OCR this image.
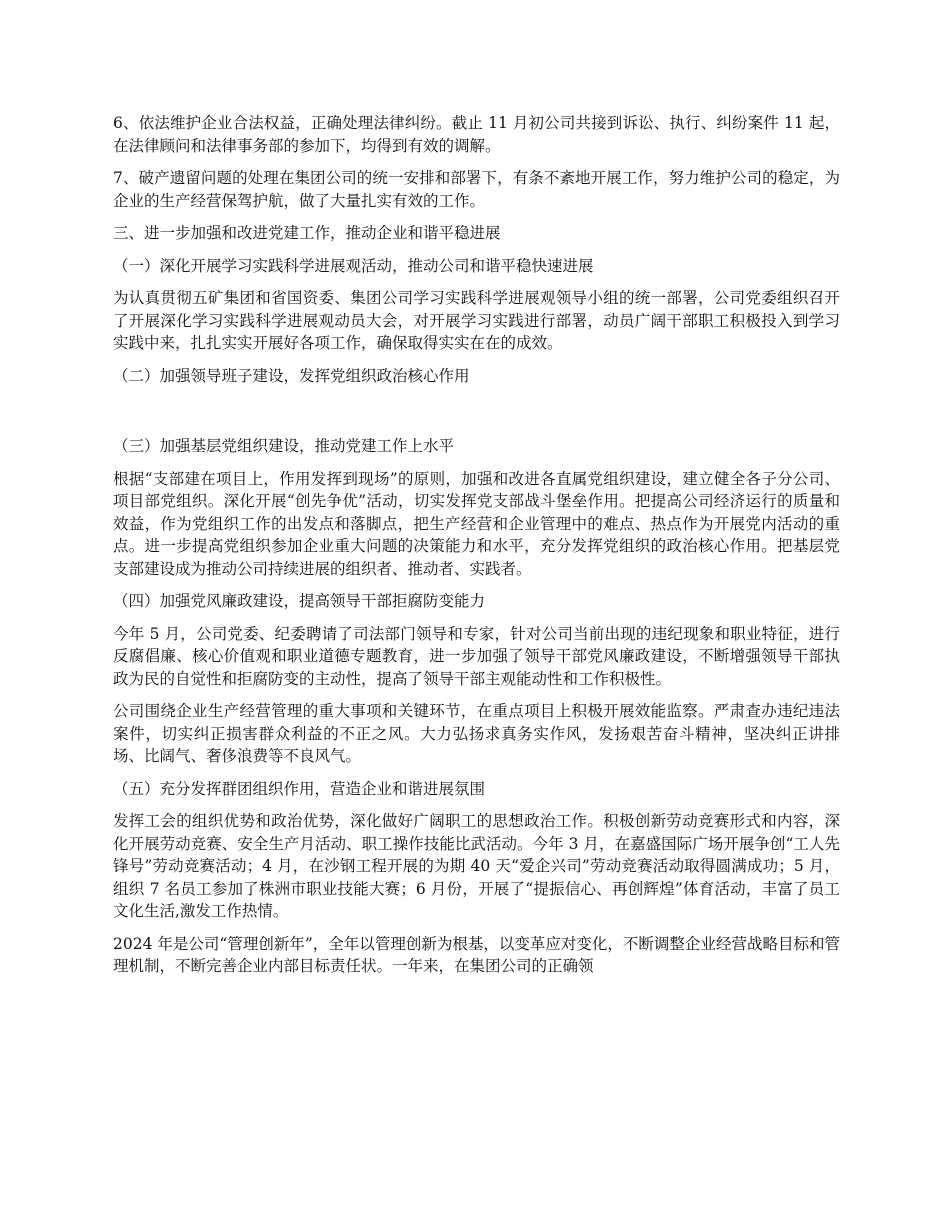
6、依法维护企业合法权益，正确处理法律纠纷。截止 11 月初公司共接到诉讼、执行、纠纷案件 11 起，在法律顾问和法律事务部的参加下，均得到有效的调解。

7、破产遗留问题的处理在集团公司的统一安排和部署下，有条不紊地开展工作，努力维护公司的稳定，为企业的生产经营保驾护航，做了大量扎实有效的工作。

三、进一步加强和改进党建工作，推动企业和谐平稳进展

（一）深化开展学习实践科学进展观活动，推动公司和谐平稳快速进展

为认真贯彻五矿集团和省国资委、集团公司学习实践科学进展观领导小组的统一部署，公司党委组织召开了开展深化学习实践科学进展观动员大会，对开展学习实践进行部署，动员广阔干部职工积极投入到学习实践中来，扎扎实实开展好各项工作，确保取得实实在在的成效。

（二）加强领导班子建设，发挥党组织政治核心作用

（三）加强基层党组织建设，推动党建工作上水平

根据“支部建在项目上，作用发挥到现场”的原则，加强和改进各直属党组织建设，建立健全各子分公司、项目部党组织。深化开展“创先争优”活动，切实发挥党支部战斗堡垒作用。把提高公司经济运行的质量和效益，作为党组织工作的出发点和落脚点，把生产经营和企业管理中的难点、热点作为开展党内活动的重点。进一步提高党组织参加企业重大问题的决策能力和水平，充分发挥党组织的政治核心作用。把基层党支部建设成为推动公司持续进展的组织者、推动者、实践者。

（四）加强党风廉政建设，提高领导干部拒腐防变能力

今年 5 月，公司党委、纪委聘请了司法部门领导和专家，针对公司当前出现的违纪现象和职业特征，进行反腐倡廉、核心价值观和职业道德专题教育，进一步加强了领导干部党风廉政建设，不断增强领导干部执政为民的自觉性和拒腐防变的主动性，提高了领导干部主观能动性和工作积极性。

公司围绕企业生产经营管理的重大事项和关键环节，在重点项目上积极开展效能监察。严肃查办违纪违法案件，切实纠正损害群众利益的不正之风。大力弘扬求真务实作风，发扬艰苦奋斗精神，坚决纠正讲排场、比阔气、奢侈浪费等不良风气。

（五）充分发挥群团组织作用，营造企业和谐进展氛围

发挥工会的组织优势和政治优势，深化做好广阔职工的思想政治工作。积极创新劳动竞赛形式和内容，深化开展劳动竞赛、安全生产月活动、职工操作技能比武活动。今年 3 月，在嘉盛国际广场开展争创“工人先锋号”劳动竞赛活动；4 月，在沙钢工程开展的为期 40 天“爱企兴司”劳动竞赛活动取得圆满成功；5 月，组织 7 名员工参加了株洲市职业技能大赛；6 月份，开展了“提振信心、再创辉煌”体育活动，丰富了员工文化生活,激发工作热情。

2024 年是公司“管理创新年”，全年以管理创新为根基，以变革应对变化，不断调整企业经营战略目标和管理机制，不断完善企业内部目标责任状。一年来，在集团公司的正确领
